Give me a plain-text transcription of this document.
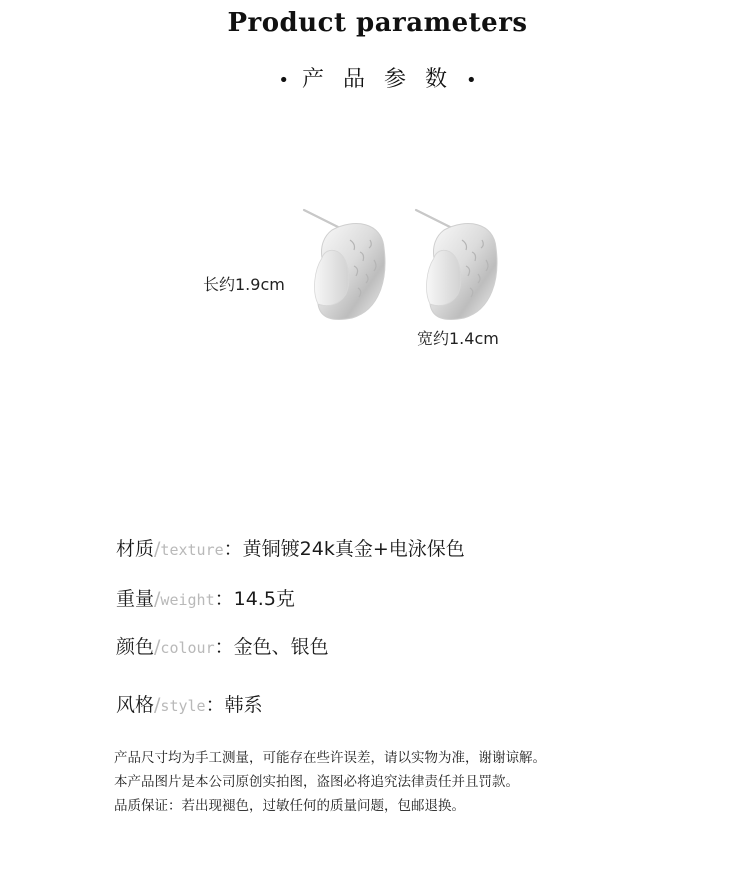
Product parameters
• 产 品 参 数 •
长约1.9cm
宽约1.4cm
材质/texture：黄铜镀24k真金+电泳保色
重量/weight：14.5克
颜色/colour：金色、银色
风格/style：韩系
产品尺寸均为手工测量，可能存在些许误差，请以实物为准，谢谢谅解。
本产品图片是本公司原创实拍图，盗图必将追究法律责任并且罚款。
品质保证：若出现褪色，过敏任何的质量问题，包邮退换。
